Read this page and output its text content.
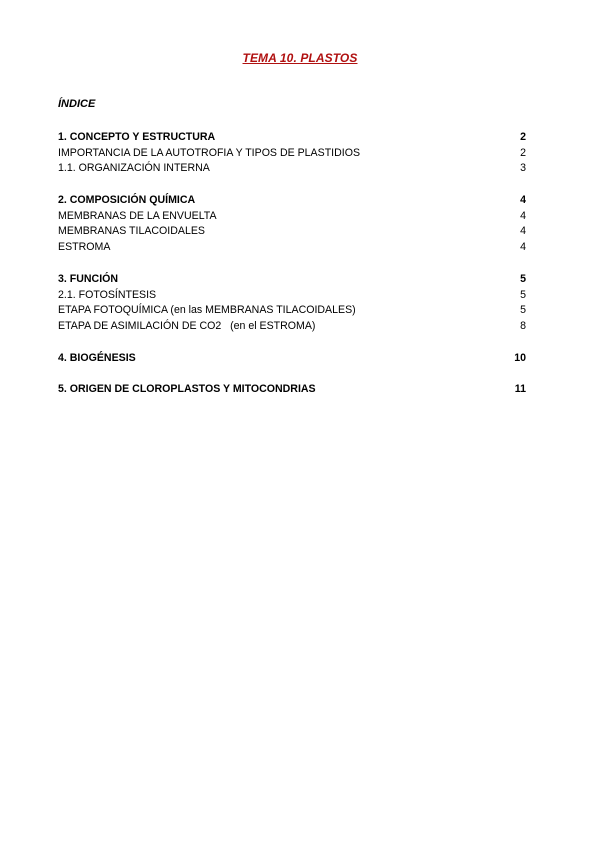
TEMA 10. PLASTOS
ÍNDICE
1. CONCEPTO Y ESTRUCTURA	2
IMPORTANCIA DE LA AUTOTROFIA Y TIPOS DE PLASTIDIOS	2
1.1. ORGANIZACIÓN INTERNA	3
2. COMPOSICIÓN QUÍMICA	4
MEMBRANAS DE LA ENVUELTA	4
MEMBRANAS TILACOIDALES	4
ESTROMA	4
3. FUNCIÓN	5
2.1. FOTOSÍNTESIS	5
ETAPA FOTOQUÍMICA (en las MEMBRANAS TILACOIDALES)	5
ETAPA DE ASIMILACIÓN DE CO2   (en el ESTROMA)	8
4. BIOGÉNESIS	10
5. ORIGEN DE CLOROPLASTOS Y MITOCONDRIAS	11
